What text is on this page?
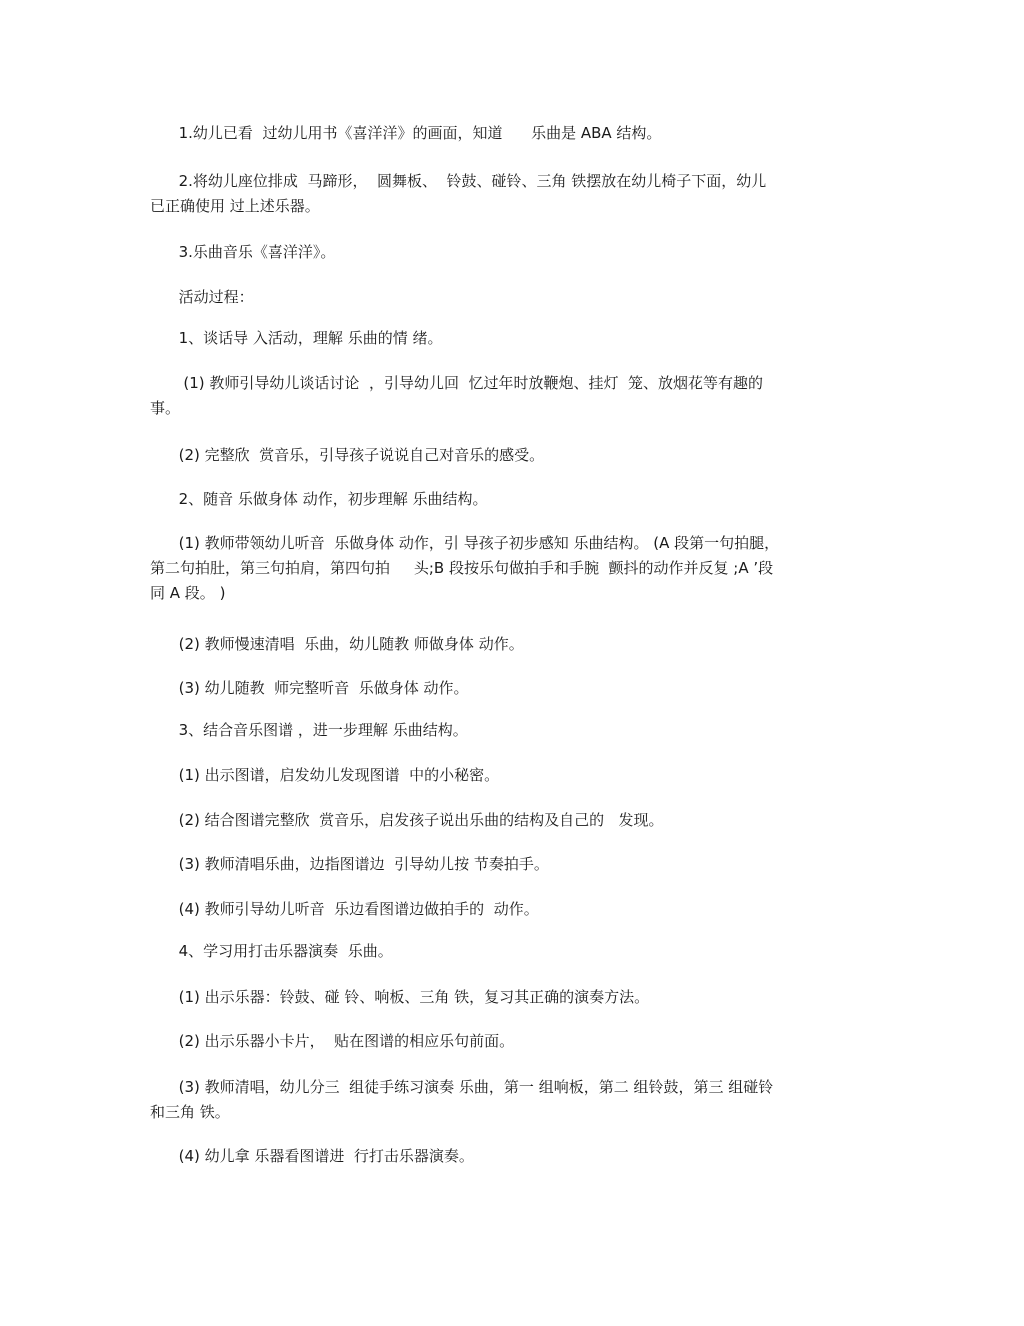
1.幼儿已看  过幼儿用书《喜洋洋》的画面，知道      乐曲是 ABA 结构。

2.将幼儿座位排成  马蹄形，  圆舞板、  铃鼓、碰铃、三角 铁摆放在幼儿椅子下面，幼儿
已正确使用 过上述乐器。

3.乐曲音乐《喜洋洋》。

活动过程：

1、谈话导 入活动，理解 乐曲的情 绪。

(1) 教师引导幼儿谈话讨论  ，引导幼儿回  忆过年时放鞭炮、挂灯  笼、放烟花等有趣的
事。

(2) 完整欣  赏音乐，引导孩子说说自己对音乐的感受。

2、随音 乐做身体 动作，初步理解 乐曲结构。

(1) 教师带领幼儿听音  乐做身体 动作，引 导孩子初步感知 乐曲结构。 (A 段第一句拍腿，
第二句拍肚，第三句拍肩，第四句拍     头;B 段按乐句做拍手和手腕  颤抖的动作并反复 ;A ’段
同 A 段。 )

(2) 教师慢速清唱  乐曲，幼儿随教 师做身体 动作。

(3) 幼儿随教  师完整听音  乐做身体 动作。

3、结合音乐图谱 ，进一步理解 乐曲结构。

(1) 出示图谱，启发幼儿发现图谱  中的小秘密。

(2) 结合图谱完整欣  赏音乐，启发孩子说出乐曲的结构及自己的   发现。

(3) 教师清唱乐曲，边指图谱边  引导幼儿按 节奏拍手。

(4) 教师引导幼儿听音  乐边看图谱边做拍手的  动作。

4、学习用打击乐器演奏  乐曲。

(1) 出示乐器：铃鼓、碰 铃、响板、三角 铁，复习其正确的演奏方法。

(2) 出示乐器小卡片，  贴在图谱的相应乐句前面。

(3) 教师清唱，幼儿分三  组徒手练习演奏 乐曲，第一 组响板，第二 组铃鼓，第三 组碰铃
和三角 铁。

(4) 幼儿拿 乐器看图谱进  行打击乐器演奏。
